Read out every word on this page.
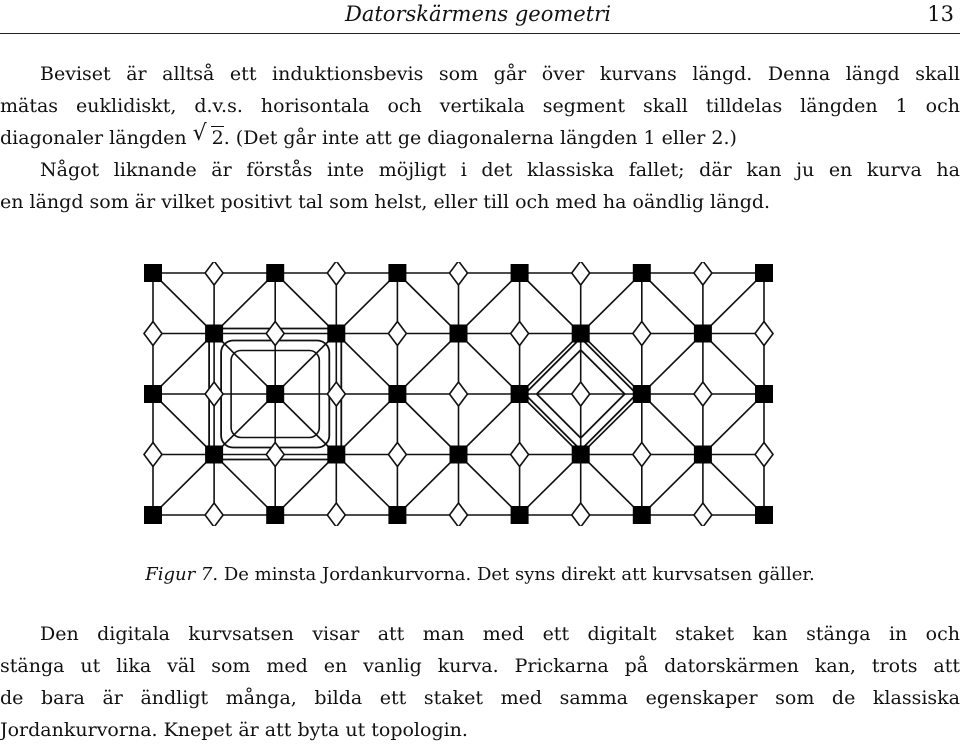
Datorskärmens geometri	13
Beviset är alltså ett induktionsbevis som går över kurvans längd. Denna längd skall
mätas euklidiskt, d.v.s. horisontala och vertikala segment skall tilldelas längden 1 och
diagonaler längden √ 2. (Det går inte att ge diagonalerna längden 1 eller 2.)
Något liknande är förstås inte möjligt i det klassiska fallet; där kan ju en kurva ha
en längd som är vilket positivt tal som helst, eller till och med ha oändlig längd.
Figur 7. De minsta Jordankurvorna. Det syns direkt att kurvsatsen gäller.
Den digitala kurvsatsen visar att man med ett digitalt staket kan stänga in och
stänga ut lika väl som med en vanlig kurva. Prickarna på datorskärmen kan, trots att
de bara är ändligt många, bilda ett staket med samma egenskaper som de klassiska
Jordankurvorna. Knepet är att byta ut topologin.
